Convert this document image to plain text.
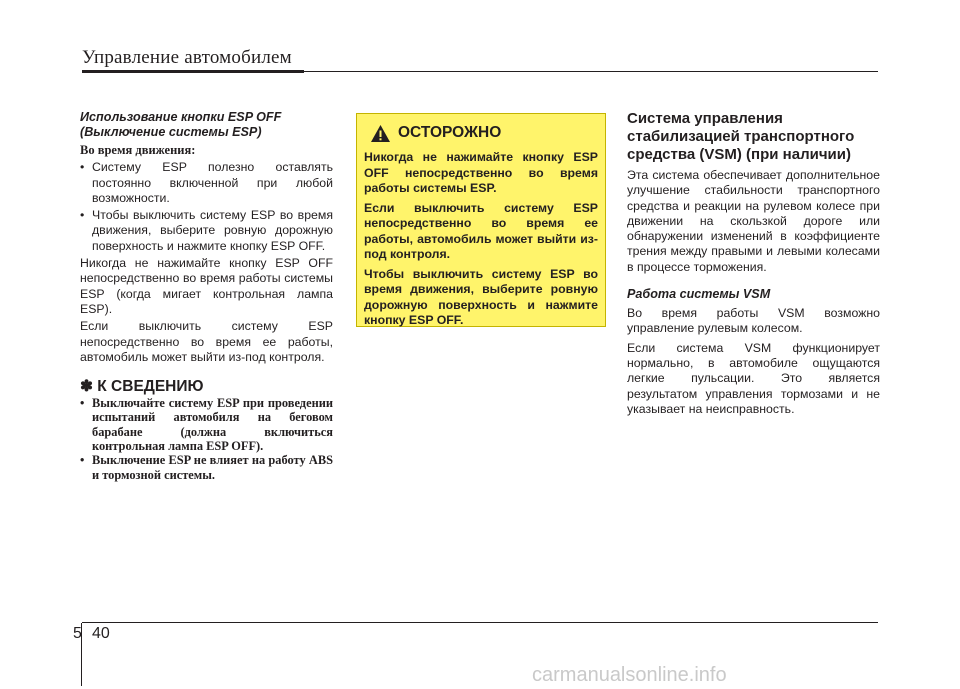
Управление автомобилем

Использование кнопки ESP OFF (Выключение системы ESP)

Во время движения:

• Систему ESP полезно оставлять постоянно включенной при любой возможности.
• Чтобы выключить систему ESP во время движения, выберите ровную дорожную поверхность и нажмите кнопку ESP OFF.

Никогда не нажимайте кнопку ESP OFF непосредственно во время работы системы ESP (когда мигает контрольная лампа ESP).

Если выключить систему ESP непосредственно во время ее работы, автомобиль может выйти из-под контроля.

✽ К СВЕДЕНИЮ
• Выключайте систему ESP при проведении испытаний автомобиля на беговом барабане (должна включиться контрольная лампа ESP OFF).
• Выключение ESP не влияет на работу ABS и тормозной системы.
ОСТОРОЖНО

Никогда не нажимайте кнопку ESP OFF непосредственно во время работы системы ESP.

Если выключить систему ESP непосредственно во время ее работы, автомобиль может выйти из-под контроля.

Чтобы выключить систему ESP во время движения, выберите ровную дорожную поверхность и нажмите кнопку ESP OFF.

Система управления стабилизацией транспортного средства (VSM) (при наличии)

Эта система обеспечивает дополнительное улучшение стабильности транспортного средства и реакции на рулевом колесе при движении на скользкой дороге или обнаружении изменений в коэффициенте трения между правыми и левыми колесами в процессе торможения.

Работа системы VSM

Во время работы VSM возможно управление рулевым колесом.

Если система VSM функционирует нормально, в автомобиле ощущаются легкие пульсации. Это является результатом управления тормозами и не указывает на неисправность.

5 40
carmanualsonline.info
